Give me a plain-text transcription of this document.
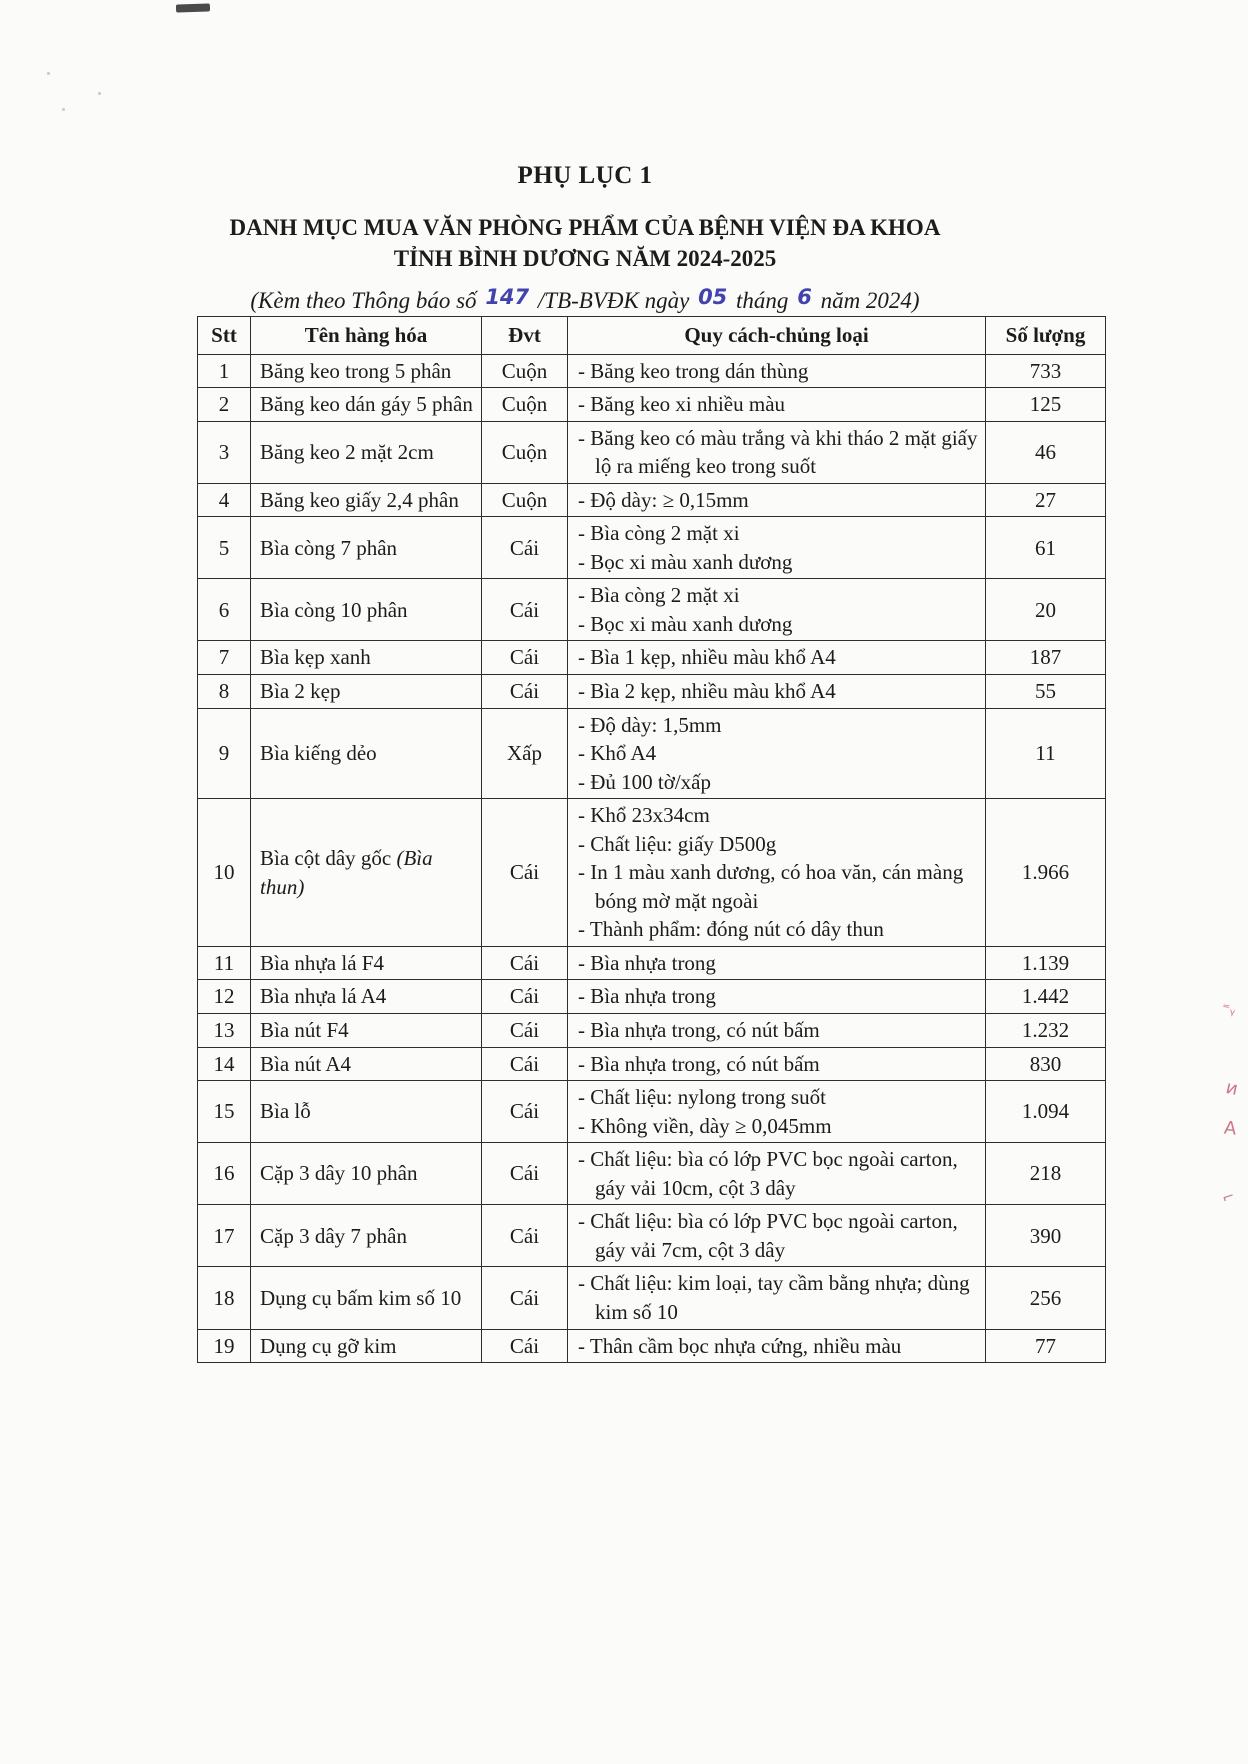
⁼ᵧ
ͷ
A
⌐
PHỤ LỤC 1
DANH MỤC MUA VĂN PHÒNG PHẨM CỦA BỆNH VIỆN ĐA KHOA
TỈNH BÌNH DƯƠNG NĂM 2024-2025
(Kèm theo Thông báo số 147 /TB-BVĐK ngày 05 tháng 6 năm 2024)
Stt	Tên hàng hóa	Đvt	Quy cách-chủng loại	Số lượng
1	Băng keo trong 5 phân	Cuộn	- Băng keo trong dán thùng	733
2	Băng keo dán gáy 5 phân	Cuộn	- Băng keo xi nhiều màu	125
3	Băng keo 2 mặt 2cm	Cuộn	- Băng keo có màu trắng và khi tháo 2 mặt giấy lộ ra miếng keo trong suốt	46
4	Băng keo giấy 2,4 phân	Cuộn	- Độ dày: ≥ 0,15mm	27
5	Bìa còng 7 phân	Cái	- Bìa còng 2 mặt xi
- Bọc xi màu xanh dương	61
6	Bìa còng 10 phân	Cái	- Bìa còng 2 mặt xi
- Bọc xi màu xanh dương	20
7	Bìa kẹp xanh	Cái	- Bìa 1 kẹp, nhiều màu khổ A4	187
8	Bìa 2 kẹp	Cái	- Bìa 2 kẹp, nhiều màu khổ A4	55
9	Bìa kiếng dẻo	Xấp	- Độ dày: 1,5mm
- Khổ A4
- Đủ 100 tờ/xấp	11
10	Bìa cột dây gốc (Bìa thun)	Cái	- Khổ 23x34cm
- Chất liệu: giấy D500g
- In 1 màu xanh dương, có hoa văn, cán màng bóng mờ mặt ngoài
- Thành phẩm: đóng nút có dây thun	1.966
11	Bìa nhựa lá F4	Cái	- Bìa nhựa trong	1.139
12	Bìa nhựa lá A4	Cái	- Bìa nhựa trong	1.442
13	Bìa nút F4	Cái	- Bìa nhựa trong, có nút bấm	1.232
14	Bìa nút A4	Cái	- Bìa nhựa trong, có nút bấm	830
15	Bìa lỗ	Cái	- Chất liệu: nylong trong suốt
- Không viền, dày ≥ 0,045mm	1.094
16	Cặp 3 dây 10 phân	Cái	- Chất liệu: bìa có lớp PVC bọc ngoài carton, gáy vải 10cm, cột 3 dây	218
17	Cặp 3 dây 7 phân	Cái	- Chất liệu: bìa có lớp PVC bọc ngoài carton, gáy vải 7cm, cột 3 dây	390
18	Dụng cụ bấm kim số 10	Cái	- Chất liệu: kim loại, tay cầm bằng nhựa; dùng kim số 10	256
19	Dụng cụ gỡ kim	Cái	- Thân cầm bọc nhựa cứng, nhiều màu	77
